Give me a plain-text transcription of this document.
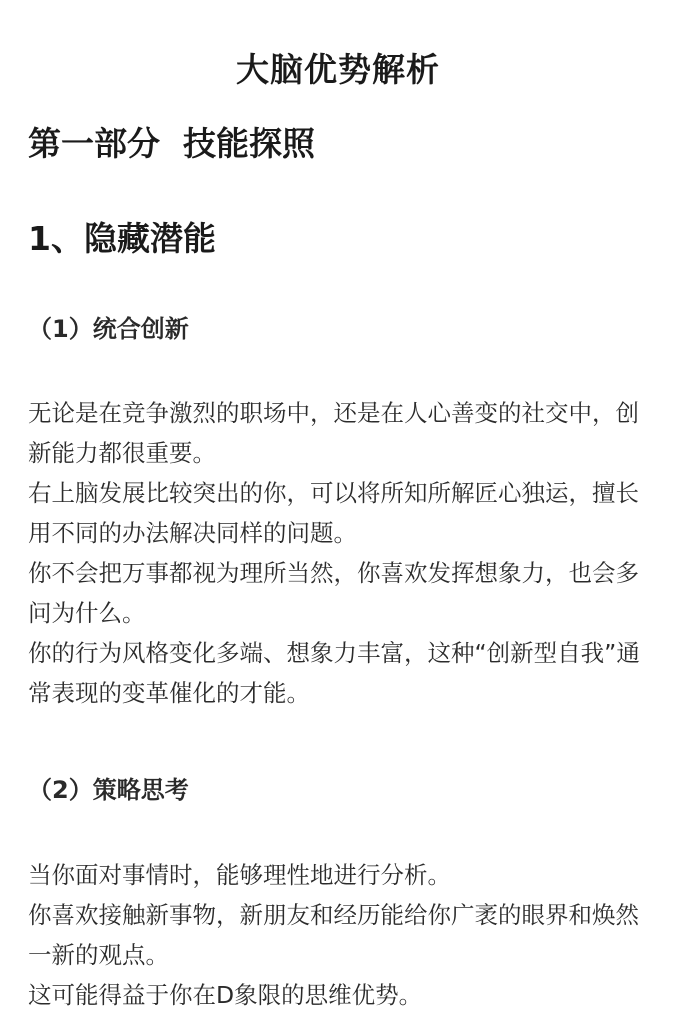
大脑优势解析
第一部分  技能探照
1、隐藏潜能
（1）统合创新

无论是在竞争激烈的职场中，还是在人心善变的社交中，创新能力都很重要。

右上脑发展比较突出的你，可以将所知所解匠心独运，擅长用不同的办法解决同样的问题。

你不会把万事都视为理所当然，你喜欢发挥想象力，也会多问为什么。

你的行为风格变化多端、想象力丰富，这种“创新型自我”通常表现的变革催化的才能。

（2）策略思考

当你面对事情时，能够理性地进行分析。

你喜欢接触新事物，新朋友和经历能给你广袤的眼界和焕然一新的观点。

这可能得益于你在D象限的思维优势。
